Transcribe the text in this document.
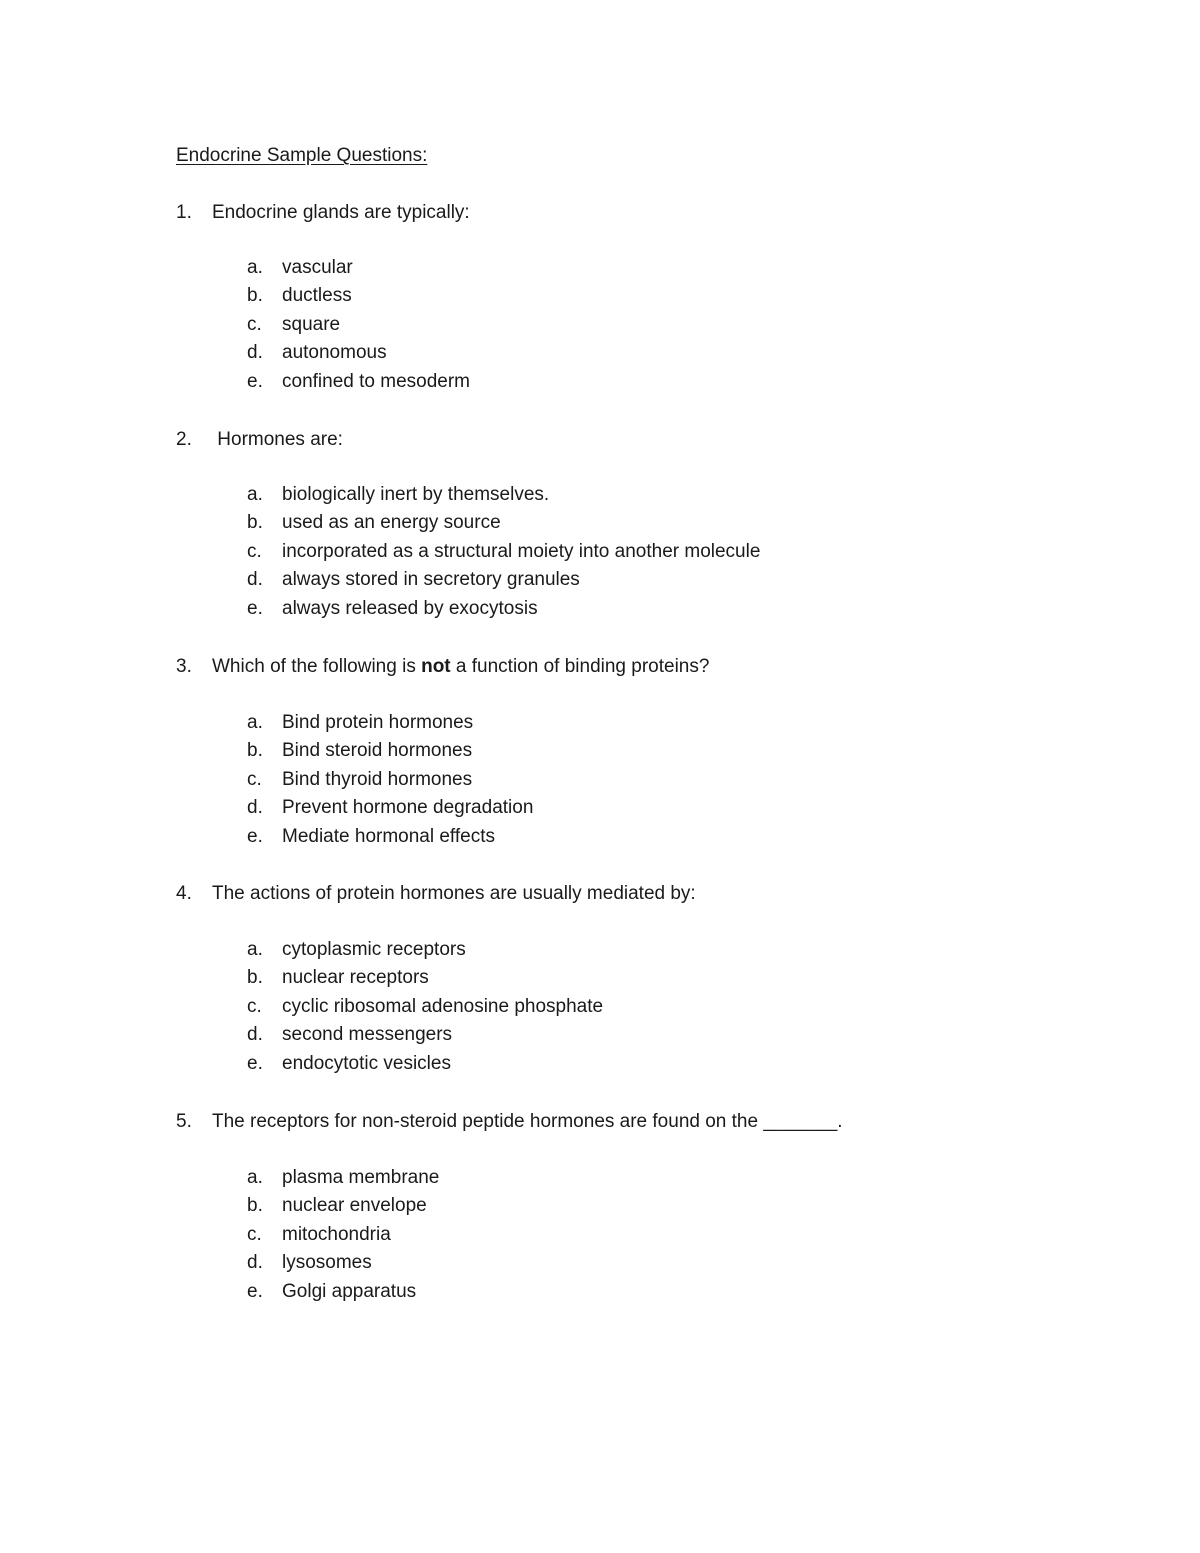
Endocrine Sample Questions:
1. Endocrine glands are typically:
a. vascular
b. ductless
c. square
d. autonomous
e. confined to mesoderm
2. Hormones are:
a. biologically inert by themselves.
b. used as an energy source
c. incorporated as a structural moiety into another molecule
d. always stored in secretory granules
e. always released by exocytosis
3. Which of the following is not a function of binding proteins?
a. Bind protein hormones
b. Bind steroid hormones
c. Bind thyroid hormones
d. Prevent hormone degradation
e. Mediate hormonal effects
4. The actions of protein hormones are usually mediated by:
a. cytoplasmic receptors
b. nuclear receptors
c. cyclic ribosomal adenosine phosphate
d. second messengers
e. endocytotic vesicles
5. The receptors for non-steroid peptide hormones are found on the _______.
a. plasma membrane
b. nuclear envelope
c. mitochondria
d. lysosomes
e. Golgi apparatus
